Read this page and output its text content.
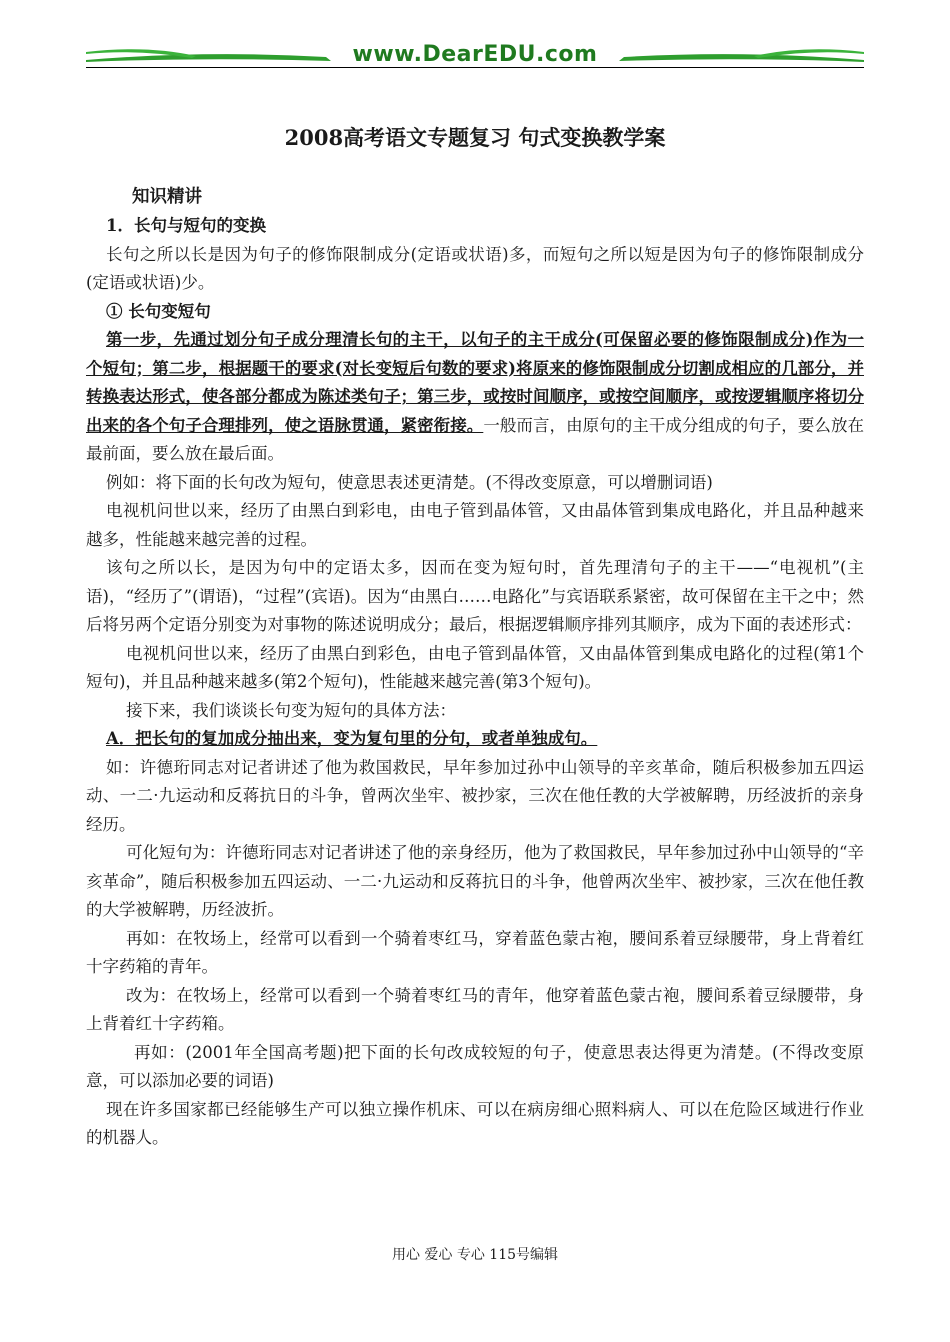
www.DearEDU.com
2008高考语文专题复习 句式变换教学案

知识精讲

1．长句与短句的变换

长句之所以长是因为句子的修饰限制成分(定语或状语)多，而短句之所以短是因为句子的修饰限制成分(定语或状语)少。

① 长句变短句

第一步，先通过划分句子成分理清长句的主干，以句子的主干成分(可保留必要的修饰限制成分)作为一个短句；第二步，根据题干的要求(对长变短后句数的要求)将原来的修饰限制成分切割成相应的几部分，并转换表达形式，使各部分都成为陈述类句子；第三步，或按时间顺序，或按空间顺序，或按逻辑顺序将切分出来的各个句子合理排列，使之语脉贯通，紧密衔接。一般而言，由原句的主干成分组成的句子，要么放在最前面，要么放在最后面。

例如：将下面的长句改为短句，使意思表述更清楚。(不得改变原意，可以增删词语)

电视机问世以来，经历了由黑白到彩电，由电子管到晶体管，又由晶体管到集成电路化，并且品种越来越多，性能越来越完善的过程。

该句之所以长，是因为句中的定语太多，因而在变为短句时，首先理清句子的主干——“电视机”(主语)，“经历了”(谓语)，“过程”(宾语)。因为“由黑白……电路化”与宾语联系紧密，故可保留在主干之中；然后将另两个定语分别变为对事物的陈述说明成分；最后，根据逻辑顺序排列其顺序，成为下面的表述形式：

电视机问世以来，经历了由黑白到彩色，由电子管到晶体管，又由晶体管到集成电路化的过程(第1个短句)，并且品种越来越多(第2个短句)，性能越来越完善(第3个短句)。

接下来，我们谈谈长句变为短句的具体方法：

A．把长句的复加成分抽出来，变为复句里的分句，或者单独成句。

如：许德珩同志对记者讲述了他为救国救民，早年参加过孙中山领导的辛亥革命，随后积极参加五四运动、一二·九运动和反蒋抗日的斗争，曾两次坐牢、被抄家，三次在他任教的大学被解聘，历经波折的亲身经历。

可化短句为：许德珩同志对记者讲述了他的亲身经历，他为了救国救民，早年参加过孙中山领导的“辛亥革命”，随后积极参加五四运动、一二·九运动和反蒋抗日的斗争，他曾两次坐牢、被抄家，三次在他任教的大学被解聘，历经波折。

再如：在牧场上，经常可以看到一个骑着枣红马，穿着蓝色蒙古袍，腰间系着豆绿腰带，身上背着红十字药箱的青年。

改为：在牧场上，经常可以看到一个骑着枣红马的青年，他穿着蓝色蒙古袍，腰间系着豆绿腰带，身上背着红十字药箱。

再如：(2001年全国高考题)把下面的长句改成较短的句子，使意思表达得更为清楚。(不得改变原意，可以添加必要的词语)

现在许多国家都已经能够生产可以独立操作机床、可以在病房细心照料病人、可以在危险区域进行作业的机器人。

用心 爱心 专心 115号编辑
